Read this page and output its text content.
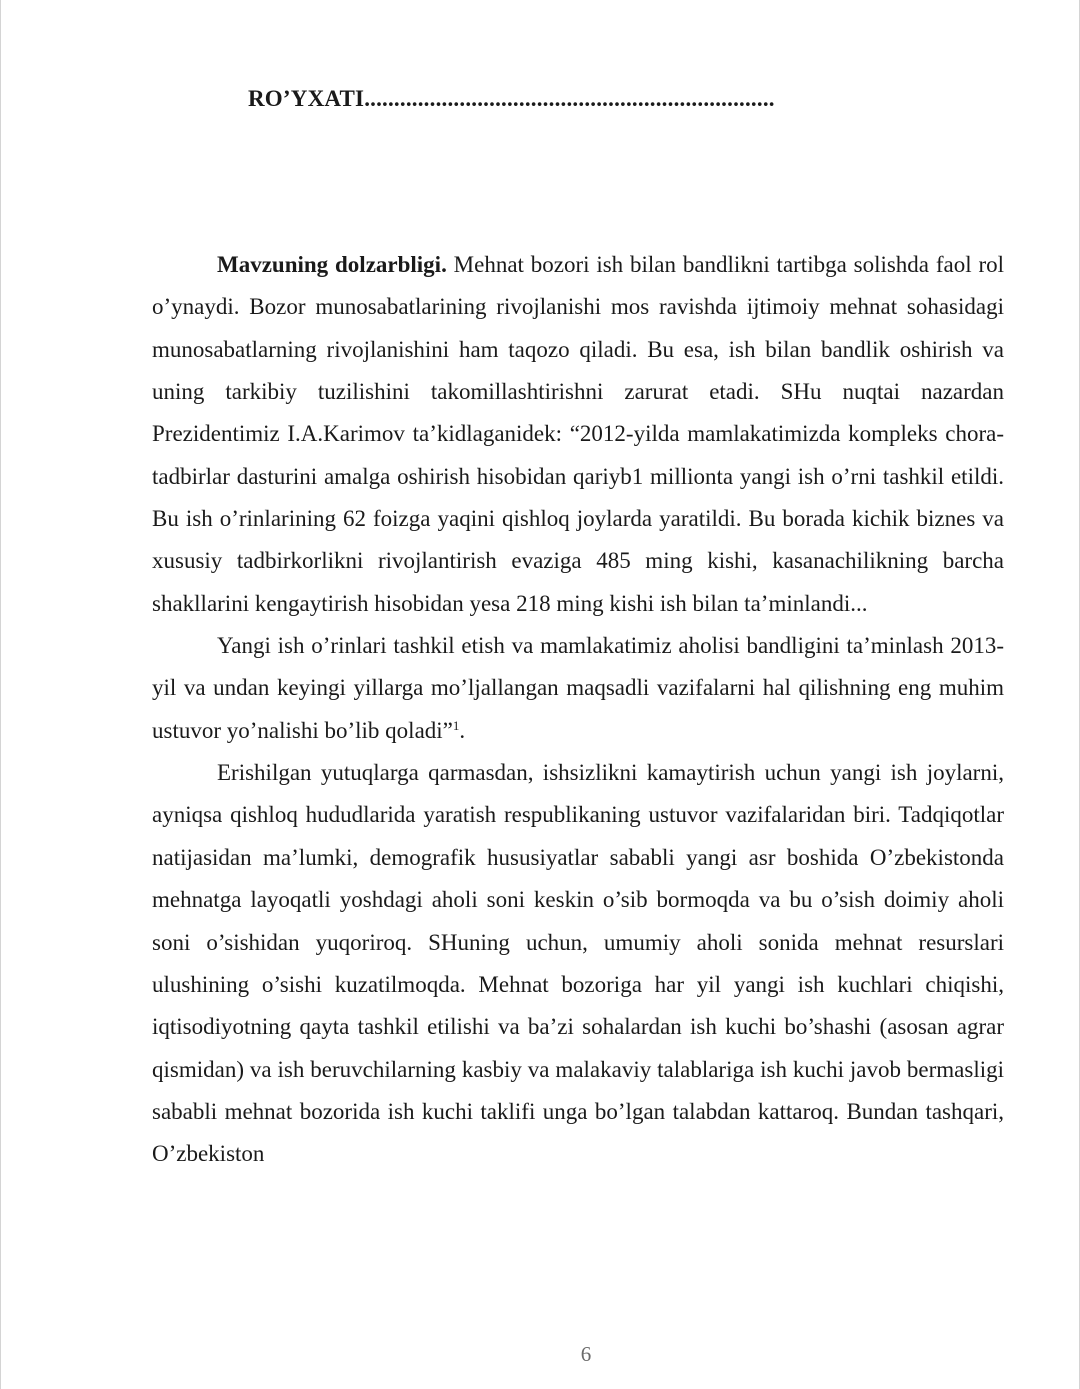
RO’YXATI.....................................................................

Mavzuning dolzarbligi. Mehnat bozori ish bilan bandlikni tartibga solishda faol rol o’ynaydi. Bozor munosabatlarining rivojlanishi mos ravishda ijtimoiy mehnat sohasidagi munosabatlarning rivojlanishini ham taqozo qiladi. Bu esa, ish bilan bandlik oshirish va uning tarkibiy tuzilishini takomillashtirishni zarurat etadi. SHu nuqtai nazardan Prezidentimiz I.A.Karimov ta’kidlaganidek: “2012-yilda mamlakatimizda kompleks chora-tadbirlar dasturini amalga oshirish hisobidan qariyb1 millionta yangi ish o’rni tashkil etildi. Bu ish o’rinlarining 62 foizga yaqini qishloq joylarda yaratildi. Bu borada kichik biznes va xususiy tadbirkorlikni rivojlantirish evaziga 485 ming kishi, kasanachilikning barcha shakllarini kengaytirish hisobidan yesa 218 ming kishi ish bilan ta’minlandi...

Yangi ish o’rinlari tashkil etish va mamlakatimiz aholisi bandligini ta’minlash 2013-yil va undan keyingi yillarga mo’ljallangan maqsadli vazifalarni hal qilishning eng muhim ustuvor yo’nalishi bo’lib qoladi”$^1$.

Erishilgan yutuqlarga qarmasdan, ishsizlikni kamaytirish uchun yangi ish joylarni, ayniqsa qishloq hududlarida yaratish respublikaning ustuvor vazifalaridan biri. Tadqiqotlar natijasidan ma’lumki, demografik hususiyatlar sababli yangi asr boshida O’zbekistonda mehnatga layoqatli yoshdagi aholi soni keskin o’sib bormoqda va bu o’sish doimiy aholi soni o’sishidan yuqoriroq. SHuning uchun, umumiy aholi sonida mehnat resurslari ulushining o’sishi kuzatilmoqda. Mehnat bozoriga har yil yangi ish kuchlari chiqishi, iqtisodiyotning qayta tashkil etilishi va ba’zi sohalardan ish kuchi bo’shashi (asosan agrar qismidan) va ish beruvchilarning kasbiy va malakaviy talablariga ish kuchi javob bermasligi sababli mehnat bozorida ish kuchi taklifi unga bo’lgan talabdan kattaroq. Bundan tashqari, O’zbekiston

6
